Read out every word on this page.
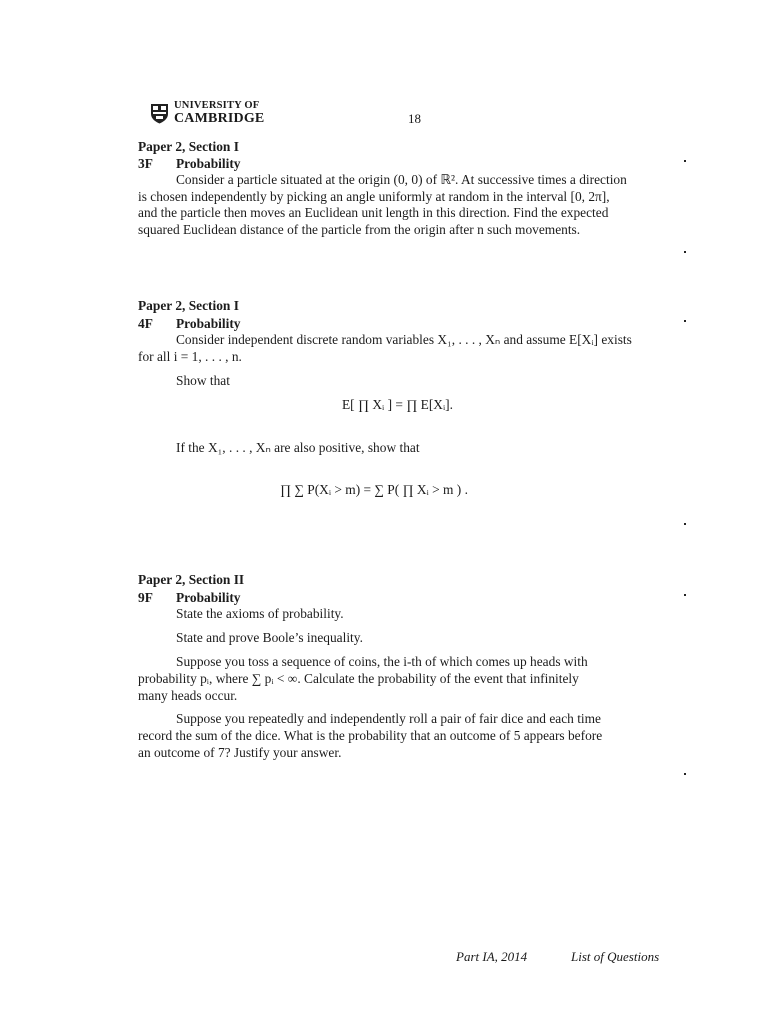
UNIVERSITY OF
CAMBRIDGE	18
Paper 2, Section I
3F Probability
Consider a particle situated at the origin (0, 0) of ℝ². At successive times a direction
is chosen independently by picking an angle uniformly at random in the interval [0, 2π],
and the particle then moves an Euclidean unit length in this direction. Find the expected
squared Euclidean distance of the particle from the origin after n such movements.
Paper 2, Section I
4F Probability
Consider independent discrete random variables X₁, . . . , Xₙ and assume E[Xᵢ] exists
for all i = 1, . . . , n.
Show that
E[ ∏ Xᵢ ] = ∏ E[Xᵢ].
If the X₁, . . . , Xₙ are also positive, show that
∏ ∑ P(Xᵢ > m) = ∑ P( ∏ Xᵢ > m ) .
Paper 2, Section II
9F Probability
State the axioms of probability.
State and prove Boole’s inequality.
Suppose you toss a sequence of coins, the i-th of which comes up heads with
probability pᵢ, where ∑ pᵢ < ∞. Calculate the probability of the event that infinitely
many heads occur.
Suppose you repeatedly and independently roll a pair of fair dice and each time
record the sum of the dice. What is the probability that an outcome of 5 appears before
an outcome of 7? Justify your answer.
Part IA, 2014	List of Questions
